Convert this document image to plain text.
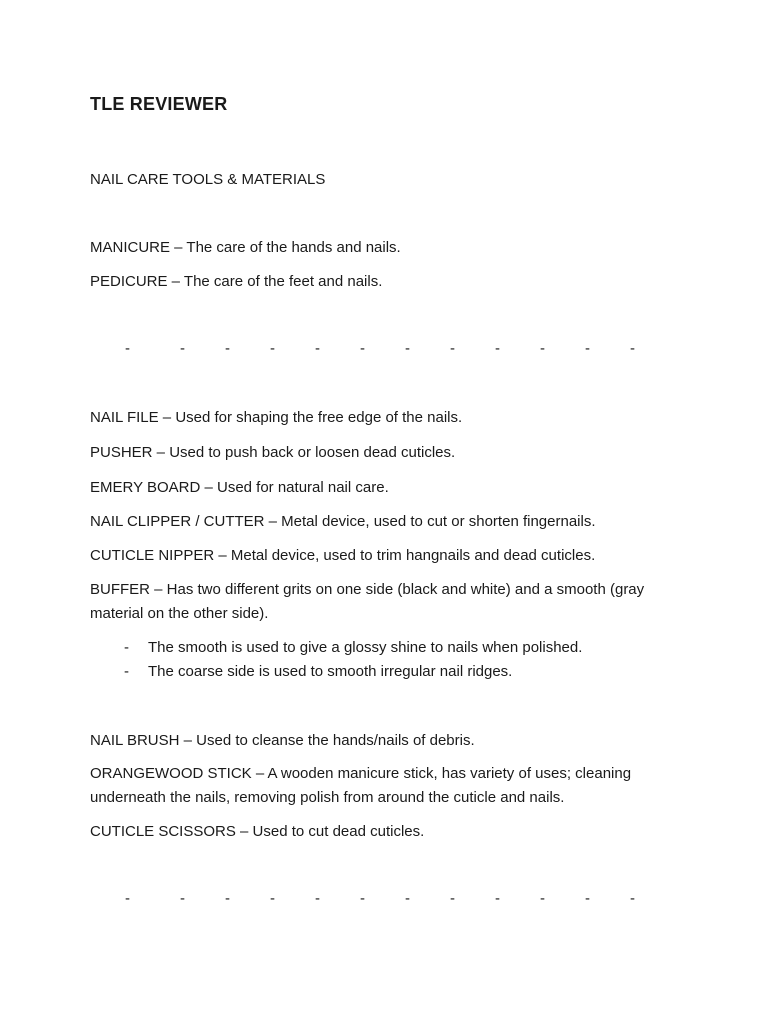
TLE REVIEWER
NAIL CARE TOOLS & MATERIALS
MANICURE – The care of the hands and nails.
PEDICURE – The care of the feet and nails.
-	-	-	-	-	-	-	-	-	-	-	-
NAIL FILE – Used for shaping the free edge of the nails.
PUSHER – Used to push back or loosen dead cuticles.
EMERY BOARD – Used for natural nail care.
NAIL CLIPPER / CUTTER – Metal device, used to cut or shorten fingernails.
CUTICLE NIPPER – Metal device, used to trim hangnails and dead cuticles.
BUFFER – Has two different grits on one side (black and white) and a smooth (gray material on the other side).
- The smooth is used to give a glossy shine to nails when polished.
- The coarse side is used to smooth irregular nail ridges.
NAIL BRUSH – Used to cleanse the hands/nails of debris.
ORANGEWOOD STICK – A wooden manicure stick, has variety of uses; cleaning underneath the nails, removing polish from around the cuticle and nails.
CUTICLE SCISSORS – Used to cut dead cuticles.
-	-	-	-	-	-	-	-	-	-	-	-
